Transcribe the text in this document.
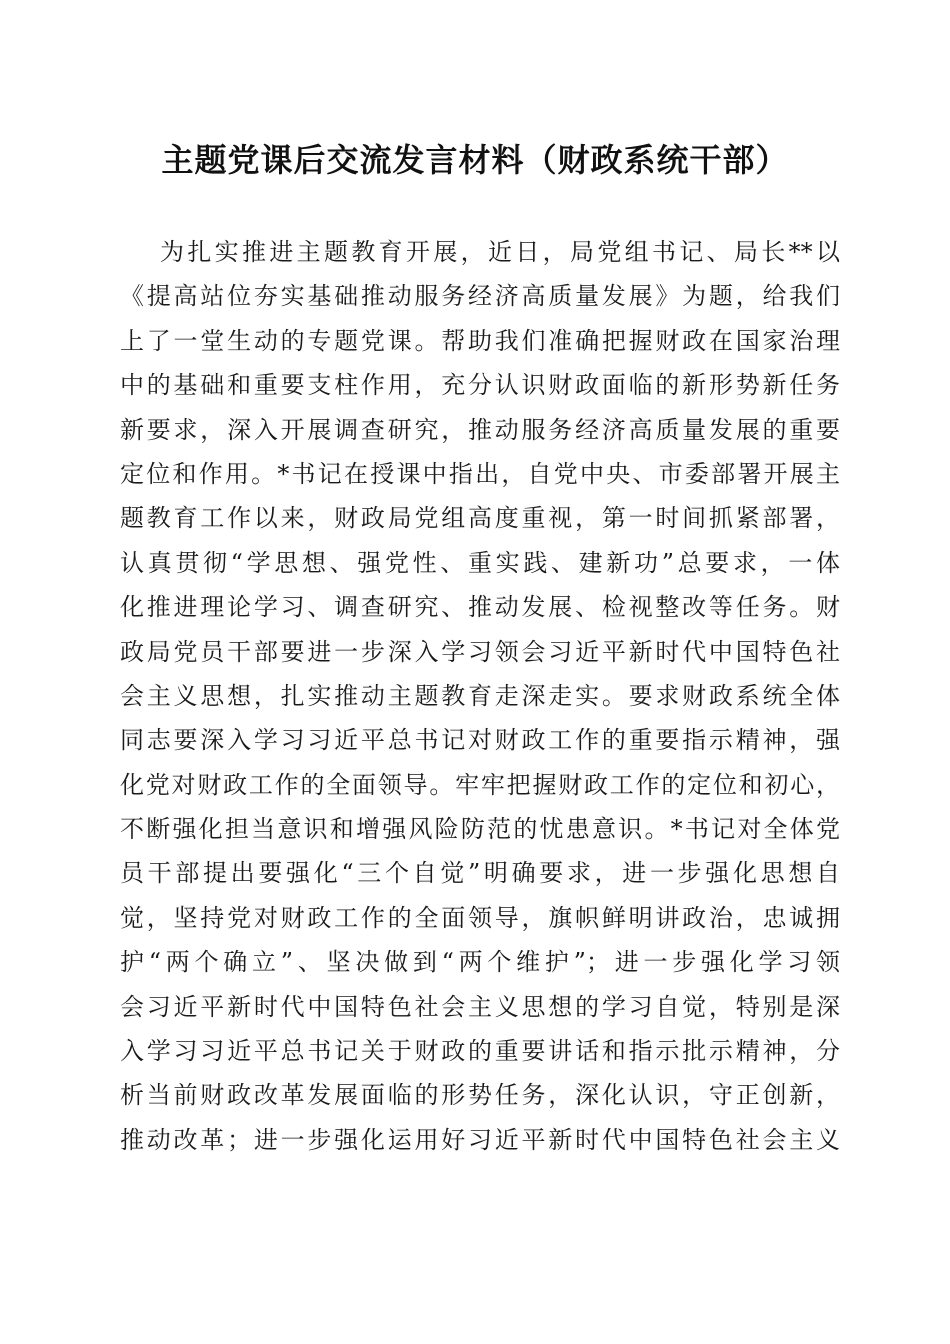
主题党课后交流发言材料（财政系统干部）
为扎实推进主题教育开展，近日，局党组书记、局长**以
《提高站位夯实基础推动服务经济高质量发展》为题，给我们
上了一堂生动的专题党课。帮助我们准确把握财政在国家治理
中的基础和重要支柱作用，充分认识财政面临的新形势新任务
新要求，深入开展调查研究，推动服务经济高质量发展的重要
定位和作用。*书记在授课中指出，自党中央、市委部署开展主
题教育工作以来，财政局党组高度重视，第一时间抓紧部署，
认真贯彻“学思想、强党性、重实践、建新功”总要求，一体
化推进理论学习、调查研究、推动发展、检视整改等任务。财
政局党员干部要进一步深入学习领会习近平新时代中国特色社
会主义思想，扎实推动主题教育走深走实。要求财政系统全体
同志要深入学习习近平总书记对财政工作的重要指示精神，强
化党对财政工作的全面领导。牢牢把握财政工作的定位和初心，
不断强化担当意识和增强风险防范的忧患意识。*书记对全体党
员干部提出要强化“三个自觉”明确要求，进一步强化思想自
觉，坚持党对财政工作的全面领导，旗帜鲜明讲政治，忠诚拥
护“两个确立”、坚决做到“两个维护”；进一步强化学习领
会习近平新时代中国特色社会主义思想的学习自觉，特别是深
入学习习近平总书记关于财政的重要讲话和指示批示精神，分
析当前财政改革发展面临的形势任务，深化认识，守正创新，
推动改革；进一步强化运用好习近平新时代中国特色社会主义
